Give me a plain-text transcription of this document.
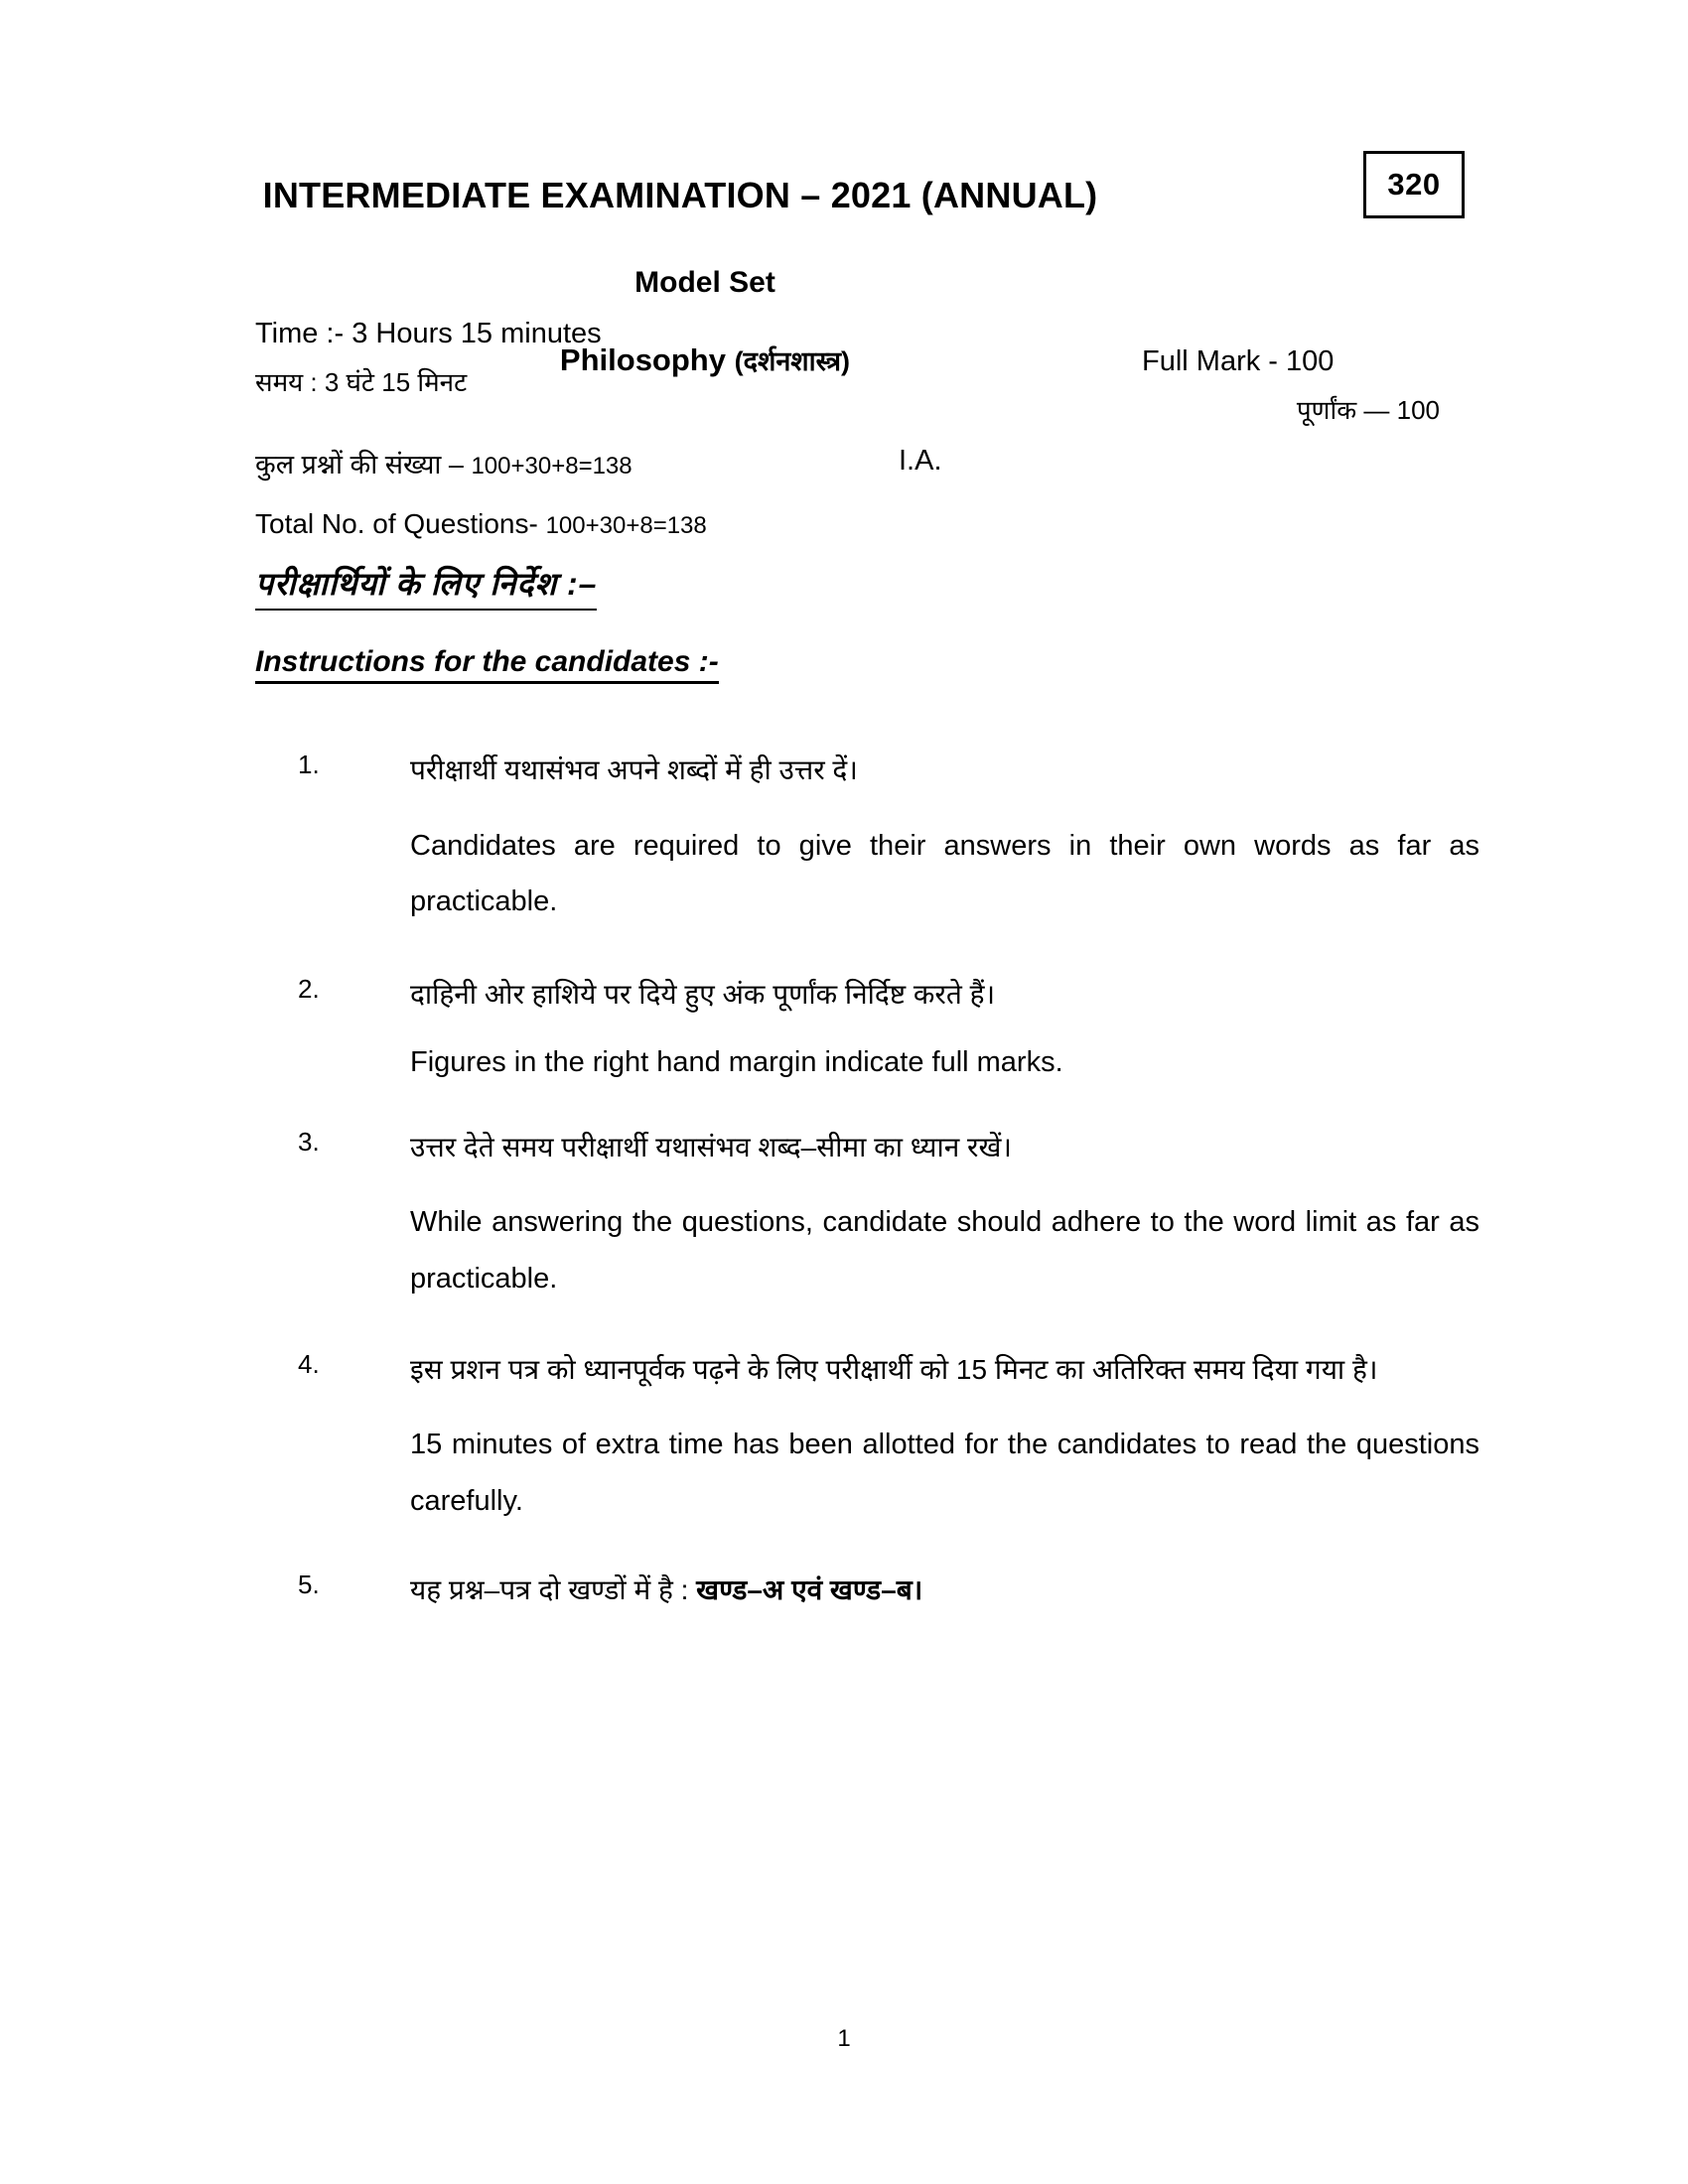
320
INTERMEDIATE EXAMINATION – 2021 (ANNUAL)
Model Set
Time :- 3 Hours 15 minutes
समय : 3 घंटे 15 मिनट
Philosophy (दर्शनशास्त्र)	Full Mark - 100
पूर्णांक — 100
कुल प्रश्नों की संख्या – 100+30+8=138	I.A.
Total No. of Questions- 100+30+8=138
परीक्षार्थियों के लिए निर्देश :–
Instructions for the candidates :-
1.	परीक्षार्थी यथासंभव अपने शब्दों में ही उत्तर दें।

Candidates are required to give their answers in their own words as far as practicable.

2.	दाहिनी ओर हाशिये पर दिये हुए अंक पूर्णांक निर्दिष्ट करते हैं।

Figures in the right hand margin indicate full marks.

3.	उत्तर देते समय परीक्षार्थी यथासंभव शब्द–सीमा का ध्यान रखें।

While answering the questions, candidate should adhere to the word limit as far as practicable.

4.	इस प्रशन पत्र को ध्यानपूर्वक पढ़ने के लिए परीक्षार्थी को 15 मिनट का अतिरिक्त समय दिया गया है।

15 minutes of extra time has been allotted for the candidates to read the questions carefully.

5.	यह प्रश्न–पत्र दो खण्डों में है : खण्ड–अ एवं खण्ड–ब।

1
